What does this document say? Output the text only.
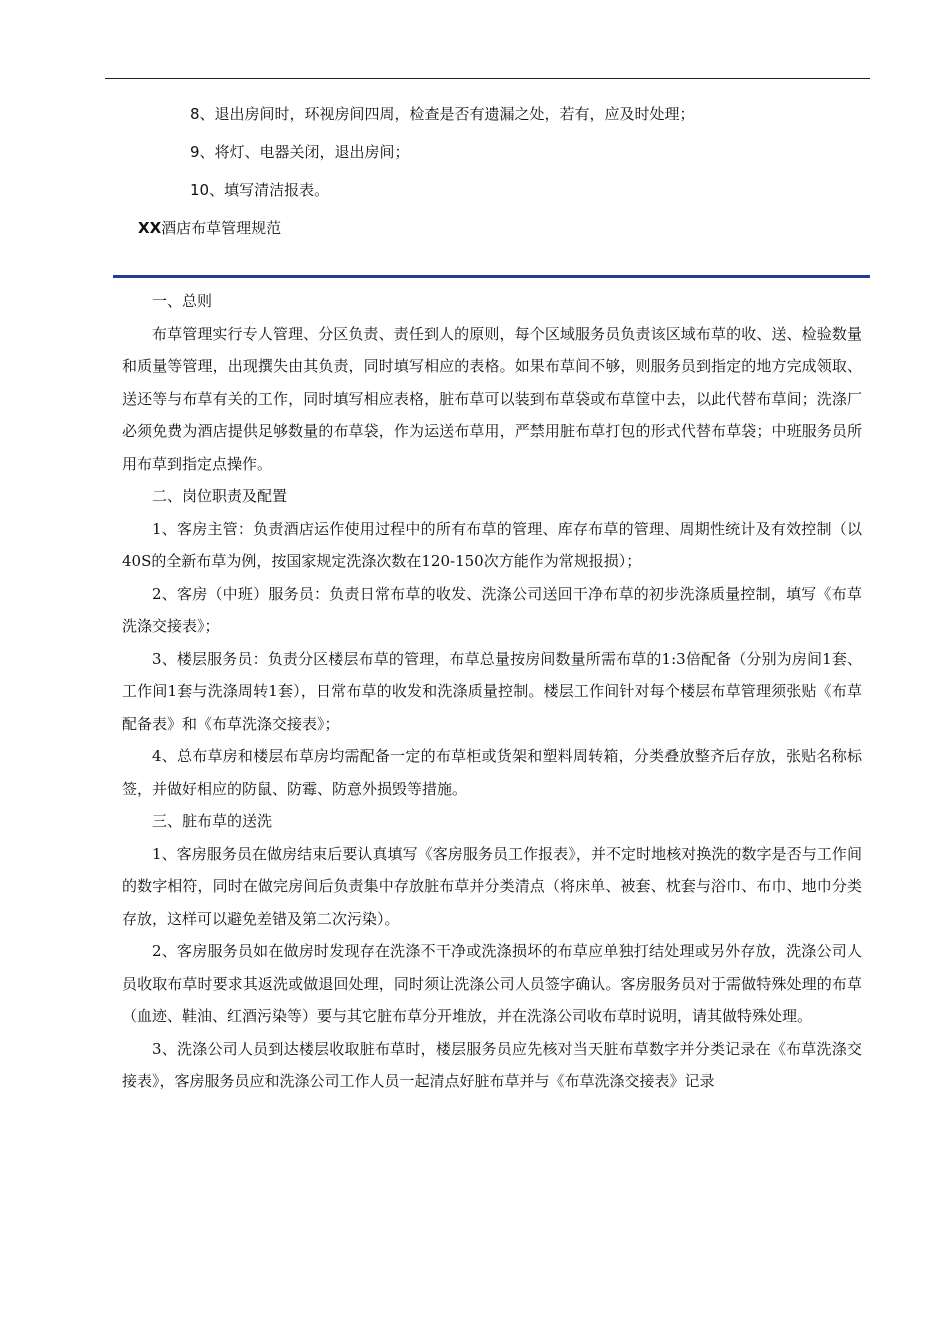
8、退出房间时，环视房间四周，检查是否有遗漏之处，若有，应及时处理；
9、将灯、电器关闭，退出房间；
10、填写清洁报表。
XX酒店布草管理规范

一、总则

布草管理实行专人管理、分区负责、责任到人的原则，每个区域服务员负责该区域布草的收、送、检验数量和质量等管理，出现撰失由其负责，同时填写相应的表格。如果布草间不够，则服务员到指定的地方完成领取、送还等与布草有关的工作，同时填写相应表格，脏布草可以装到布草袋或布草筐中去，以此代替布草间；洗涤厂必须免费为酒店提供足够数量的布草袋，作为运送布草用，严禁用脏布草打包的形式代替布草袋；中班服务员所用布草到指定点操作。

二、岗位职责及配置

1、客房主管：负责酒店运作使用过程中的所有布草的管理、库存布草的管理、周期性统计及有效控制（以40S的全新布草为例，按国家规定洗涤次数在120-150次方能作为常规报损）；

2、客房（中班）服务员：负责日常布草的收发、洗涤公司送回干净布草的初步洗涤质量控制，填写《布草洗涤交接表》；

3、楼层服务员：负责分区楼层布草的管理，布草总量按房间数量所需布草的1:3倍配备（分别为房间1套、工作间1套与洗涤周转1套），日常布草的收发和洗涤质量控制。楼层工作间针对每个楼层布草管理须张贴《布草配备表》和《布草洗涤交接表》；

4、总布草房和楼层布草房均需配备一定的布草柜或货架和塑料周转箱，分类叠放整齐后存放，张贴名称标签，并做好相应的防鼠、防霉、防意外损毁等措施。

三、脏布草的送洗

1、客房服务员在做房结束后要认真填写《客房服务员工作报表》，并不定时地核对换洗的数字是否与工作间的数字相符，同时在做完房间后负责集中存放脏布草并分类清点（将床单、被套、枕套与浴巾、布巾、地巾分类存放，这样可以避免差错及第二次污染）。

2、客房服务员如在做房时发现存在洗涤不干净或洗涤损坏的布草应单独打结处理或另外存放，洗涤公司人员收取布草时要求其返洗或做退回处理，同时须让洗涤公司人员签字确认。客房服务员对于需做特殊处理的布草（血迹、鞋油、红酒污染等）要与其它脏布草分开堆放，并在洗涤公司收布草时说明，请其做特殊处理。

3、洗涤公司人员到达楼层收取脏布草时，楼层服务员应先核对当天脏布草数字并分类记录在《布草洗涤交接表》，客房服务员应和洗涤公司工作人员一起清点好脏布草并与《布草洗涤交接表》记录
